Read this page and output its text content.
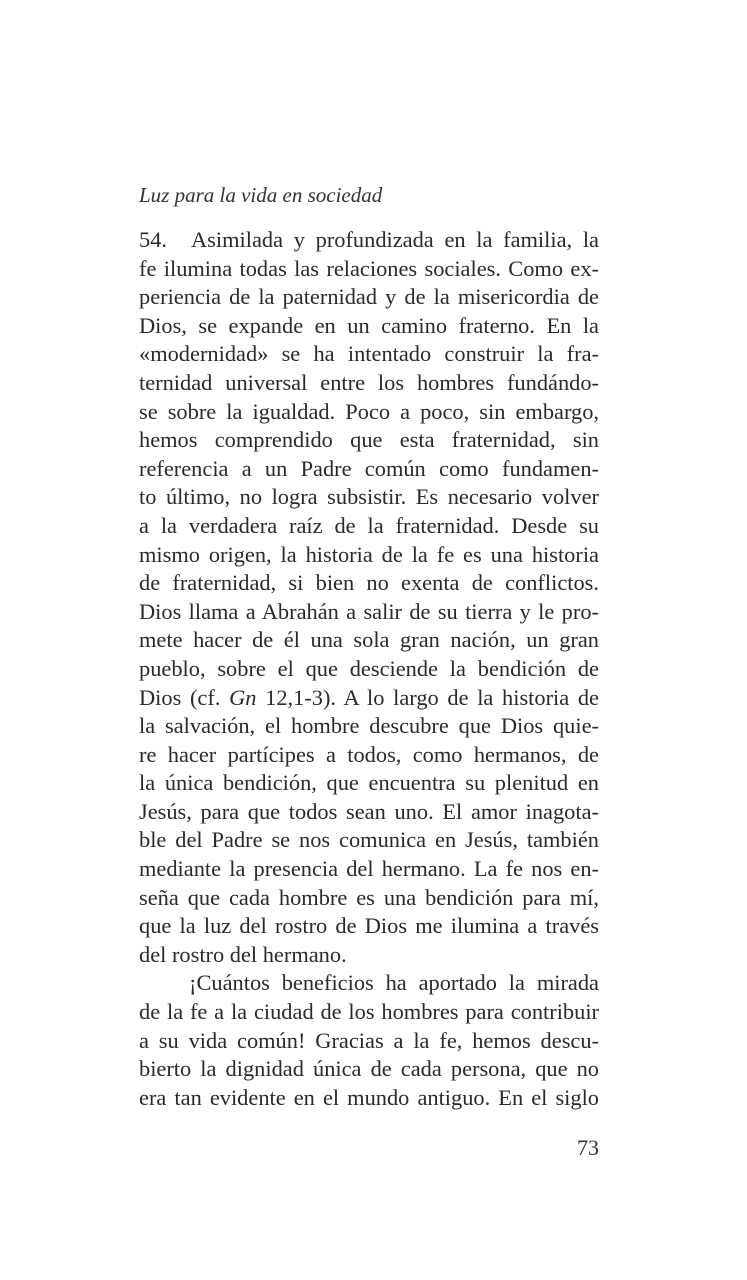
Luz para la vida en sociedad

54. Asimilada y profundizada en la familia, la
fe ilumina todas las relaciones sociales. Como ex-
periencia de la paternidad y de la misericordia de
Dios, se expande en un camino fraterno. En la
«modernidad» se ha intentado construir la fra-
ternidad universal entre los hombres fundándo-
se sobre la igualdad. Poco a poco, sin embargo,
hemos comprendido que esta fraternidad, sin
referencia a un Padre común como fundamen-
to último, no logra subsistir. Es necesario volver
a la verdadera raíz de la fraternidad. Desde su
mismo origen, la historia de la fe es una historia
de fraternidad, si bien no exenta de conflictos.
Dios llama a Abrahán a salir de su tierra y le pro-
mete hacer de él una sola gran nación, un gran
pueblo, sobre el que desciende la bendición de
Dios (cf. Gn 12,1-3). A lo largo de la historia de
la salvación, el hombre descubre que Dios quie-
re hacer partícipes a todos, como hermanos, de
la única bendición, que encuentra su plenitud en
Jesús, para que todos sean uno. El amor inagota-
ble del Padre se nos comunica en Jesús, también
mediante la presencia del hermano. La fe nos en-
seña que cada hombre es una bendición para mí,
que la luz del rostro de Dios me ilumina a través
del rostro del hermano.

¡Cuántos beneficios ha aportado la mirada
de la fe a la ciudad de los hombres para contribuir
a su vida común! Gracias a la fe, hemos descu-
bierto la dignidad única de cada persona, que no
era tan evidente en el mundo antiguo. En el siglo

73
